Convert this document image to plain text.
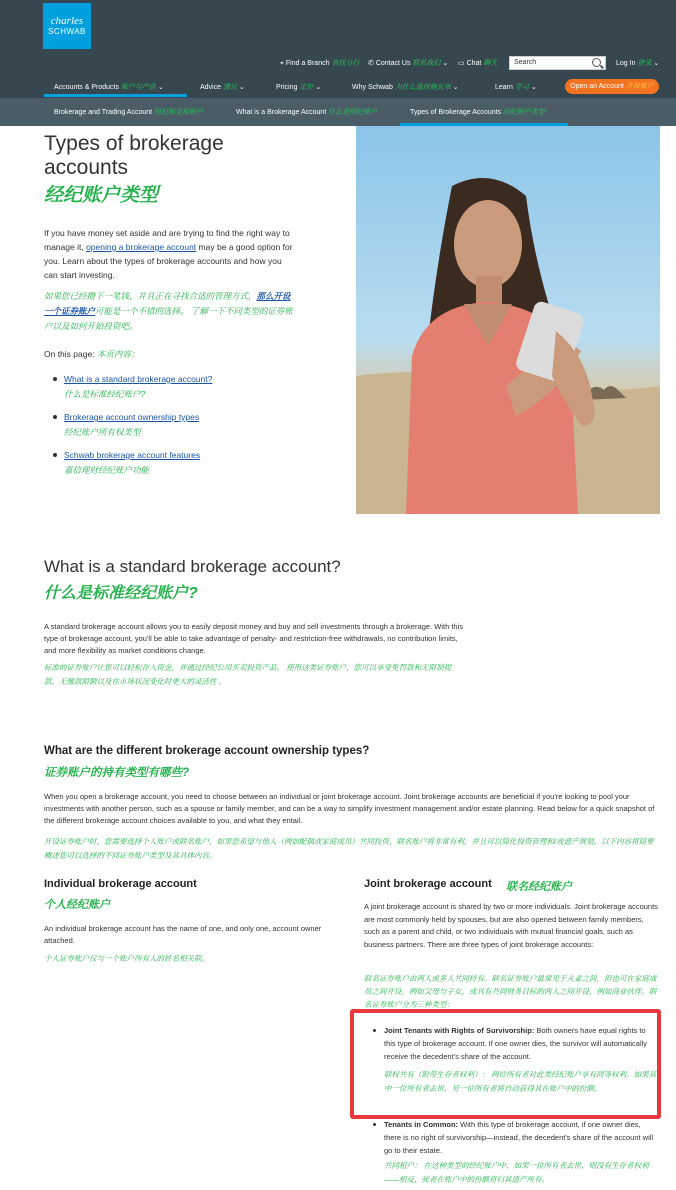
charles
SCHWAB
⌖ Find a Branch 查找分行 ✆ Contact Us 联系我们 ⌄ ▭ Chat 聊天	Log In 登录 ⌄
Search
Accounts & Products 账户与产品 ⌄	Advice 建议 ⌄	Pricing 定价 ⌄	Why Schwab 为什么选择施瓦布 ⌄	Learn 学习 ⌄	Open an Account 开设账户
Brokerage and Trading Account 经纪和交易账户	What is a Brokerage Account 什么是经纪账户	Types of Brokerage Accounts 经纪账户类型
Types of brokerage accounts
经纪账户类型
If you have money set aside and are trying to find the right way to manage it, opening a brokerage account may be a good option for you. Learn about the types of brokerage accounts and how you can start investing.
如果您已经攒下一笔钱，并且正在寻找合适的管理方式，那么开设一个证券账户可能是一个不错的选择。 了解一下不同类型的证券账户以及如何开始投资吧。
On this page: 本页内容：
What is a standard brokerage account?
什么是标准经纪账户?
Brokerage account ownership types
经纪账户所有权类型
Schwab brokerage account features
嘉信理财经纪账户功能
What is a standard brokerage account?
什么是标准经纪账户?
A standard brokerage account allows you to easily deposit money and buy and sell investments through a brokerage. With this type of brokerage account, you'll be able to take advantage of penalty- and restriction-free withdrawals, no contribution limits, and more flexibility as market conditions change.
标准的证券账户让您可以轻松存入资金，并通过经纪公司买卖投资产品。 使用这类证券账户，您可以享受免罚款和无限制提款、无缴款限额以及在市场状况变化时更大的灵活性 。
What are the different brokerage account ownership types?
证券账户的持有类型有哪些?
When you open a brokerage account, you need to choose between an individual or joint brokerage account. Joint brokerage accounts are beneficial if you're looking to pool your investments with another person, such as a spouse or family member, and can be a way to simplify investment management and/or estate planning. Read below for a quick snapshot of the different brokerage account choices available to you, and what they entail.
开设证券账户时，您需要选择个人账户或联名账户。如果您希望与他人（例如配偶或家庭成员）共同投资，联名账户将非常有利，并且可以简化投资管理和/或遗产规划。以下内容将简要概述您可以选择的不同证券账户类型及其具体内容。
Individual brokerage account
个人经纪账户
An individual brokerage account has the name of one, and only one, account owner attached.
个人证券账户仅与一个账户所有人的姓名相关联。
Joint brokerage account 联名经纪账户
A joint brokerage account is shared by two or more individuals. Joint brokerage accounts are most commonly held by spouses, but are also opened between family members, such as a parent and child, or two individuals with mutual financial goals, such as business partners. There are three types of joint brokerage accounts:
联名证券账户由两人或多人共同持有。联名证券账户最常见于夫妻之间，但也可在家庭成员之间开设，例如父母与子女，或具有共同财务目标的两人之间开设，例如商业伙伴。联名证券账户分为三种类型：
Joint Tenants with Rights of Survivorship: Both owners have equal rights to this type of brokerage account. If one owner dies, the survivor will automatically receive the decedent's share of the account.
联权共有（附带生存者权利）： 两位所有者对此类经纪账户享有同等权利。如果其中一位所有者去世，另一位所有者将自动获得其在账户中的份额。
Tenants in Common: With this type of brokerage account, if one owner dies, there is no right of survivorship—instead, the decedent's share of the account will go to their estate.
共同租户： 在这种类型的经纪账户中，如果一位所有者去世，则没有生存者权利——相反，死者在账户中的份额将归其遗产所有。
